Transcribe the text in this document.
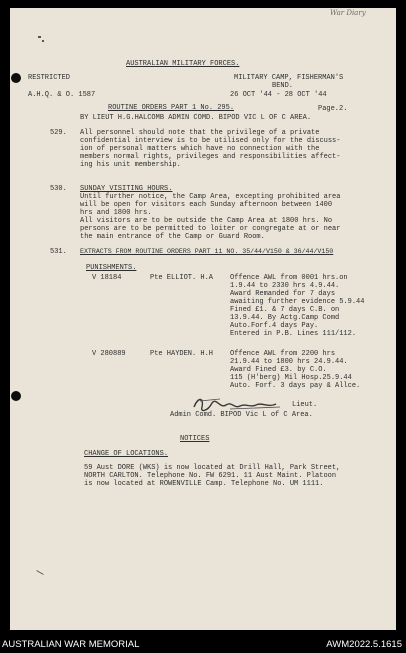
War Diary
AUSTRALIAN MILITARY FORCES.
RESTRICTED	MILITARY CAMP, FISHERMAN'S
BEND.
A.H.Q. & O. 1587	26 OCT '44 - 28 OCT '44
ROUTINE ORDERS PART 1 No. 295.	Page.2.
BY LIEUT H.G.HALCOMB ADMIN COMD. BIPOD VIC L OF C AREA.
529. All personnel should note that the privilege of a private
confidential interview is to be utilised only for the discuss-
ion of personal matters which have no connection with the
members normal rights, privileges and responsibilities affect-
ing his unit membership.
530. SUNDAY VISITING HOURS.
Until further notice, the Camp Area, excepting prohibited area
will be open for visitors each Sunday afternoon between 1400
hrs and 1800 hrs.
All visitors are to be outside the Camp Area at 1800 hrs. No
persons are to be permitted to loiter or congregate at or near
the main entrance of the Camp or Guard Room.
531. EXTRACTS FROM ROUTINE ORDERS PART 11 NO. 35/44/V150 & 36/44/V150
PUNISHMENTS.
V 18184	Pte ELLIOT. H.A Offence AWL from 0001 hrs.on
1.9.44 to 2330 hrs 4.9.44.
Award Remanded for 7 days
awaiting further evidence 5.9.44
Fined £1. & 7 days C.B. on
13.9.44. By Actg.Camp Comd
Auto.Forf.4 days Pay.
Entered in P.B. Lines 111/112.
V 280889	Pte HAYDEN. H.H Offence AWL from 2200 hrs
21.9.44 to 1800 hrs 24.9.44.
Award Fined £3. by C.O.
115 (H'berg) Mil Hosp.25.9.44
Auto. Forf. 3 days pay & Allce.
Lieut.
Admin Comd. BIPOD Vic L of C Area.
NOTICES
CHANGE OF LOCATIONS.
59 Aust DORE (WKS) is now located at Drill Hall, Park Street,
NORTH CARLTON. Telephone No. FW 6291. 11 Aust Maint. Platoon
is now located at ROWENVILLE Camp. Telephone No. UM 1111.
AUSTRALIAN WAR MEMORIAL	AWM2022.5.1615
